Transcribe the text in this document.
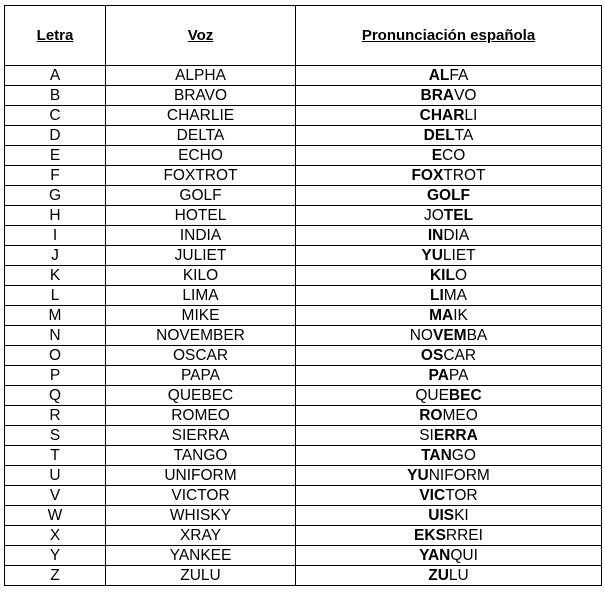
Letra	Voz	Pronunciación española
A	ALPHA	ALFA
B	BRAVO	BRAVO
C	CHARLIE	CHARLI
D	DELTA	DELTA
E	ECHO	ECO
F	FOXTROT	FOXTROT
G	GOLF	GOLF
H	HOTEL	JOTEL
I	INDIA	INDIA
J	JULIET	YULIET
K	KILO	KILO
L	LIMA	LIMA
M	MIKE	MAIK
N	NOVEMBER	NOVEMBA
O	OSCAR	OSCAR
P	PAPA	PAPA
Q	QUEBEC	QUEBEC
R	ROMEO	ROMEO
S	SIERRA	SIERRA
T	TANGO	TANGO
U	UNIFORM	YUNIFORM
V	VICTOR	VICTOR
W	WHISKY	UISKI
X	XRAY	EKSRREI
Y	YANKEE	YANQUI
Z	ZULU	ZULU
